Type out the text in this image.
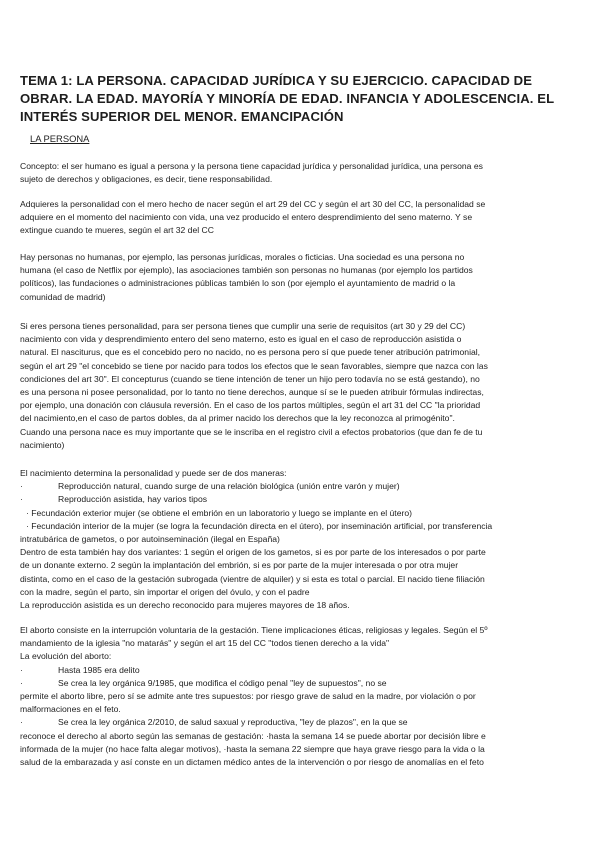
TEMA 1: LA PERSONA. CAPACIDAD JURÍDICA Y SU EJERCICIO. CAPACIDAD DE OBRAR. LA EDAD. MAYORÍA Y MINORÍA DE EDAD. INFANCIA Y ADOLESCENCIA. EL INTERÉS SUPERIOR DEL MENOR. EMANCIPACIÓN
LA PERSONA

Concepto: el ser humano es igual a persona y la persona tiene capacidad jurídica y personalidad jurídica, una persona es
sujeto de derechos y obligaciones, es decir, tiene responsabilidad.

Adquieres la personalidad con el mero hecho de nacer según el art 29 del CC y según el art 30 del CC, la personalidad se
adquiere en el momento del nacimiento con vida, una vez producido el entero desprendimiento del seno materno. Y se
extingue cuando te mueres, según el art 32 del CC

Hay personas no humanas, por ejemplo, las personas jurídicas, morales o ficticias. Una sociedad es una persona no
humana (el caso de Netflix por ejemplo), las asociaciones también son personas no humanas (por ejemplo los partidos
políticos), las fundaciones o administraciones públicas también lo son (por ejemplo el ayuntamiento de madrid o la
comunidad de madrid)

Si eres persona tienes personalidad, para ser persona tienes que cumplir una serie de requisitos (art 30 y 29 del CC)
nacimiento con vida y desprendimiento entero del seno materno, esto es igual en el caso de reproducción asistida o
natural. El nasciturus, que es el concebido pero no nacido, no es persona pero sí que puede tener atribución patrimonial,
según el art 29 "el concebido se tiene por nacido para todos los efectos que le sean favorables, siempre que nazca con las
condiciones del art 30". El concepturus (cuando se tiene intención de tener un hijo pero todavía no se está gestando), no
es una persona ni posee personalidad, por lo tanto no tiene derechos, aunque sí se le pueden atribuir fórmulas indirectas,
por ejemplo, una donación con cláusula reversión. En el caso de los partos múltiples, según el art 31 del CC "la prioridad
del nacimiento,en el caso de partos dobles, da al primer nacido los derechos que la ley reconozca al primogénito".
Cuando una persona nace es muy importante que se le inscriba en el registro civil a efectos probatorios (que dan fe de tu
nacimiento)

El nacimiento determina la personalidad y puede ser de dos maneras:
·	Reproducción natural, cuando surge de una relación biológica (unión entre varón y mujer)
·	Reproducción asistida, hay varios tipos
· Fecundación exterior mujer (se obtiene el embrión en un laboratorio y luego se implante en el útero)
· Fecundación interior de la mujer (se logra la fecundación directa en el útero), por inseminación artificial, por transferencia
intratubárica de gametos, o por autoinseminación (ilegal en España)
Dentro de esta también hay dos variantes: 1 según el origen de los gametos, si es por parte de los interesados o por parte
de un donante externo. 2 según la implantación del embrión, si es por parte de la mujer interesada o por otra mujer
distinta, como en el caso de la gestación subrogada (vientre de alquiler) y si esta es total o parcial. El nacido tiene filiación
con la madre, según el parto, sin importar el origen del óvulo, y con el padre
La reproducción asistida es un derecho reconocido para mujeres mayores de 18 años.
El aborto consiste en la interrupción voluntaria de la gestación. Tiene implicaciones éticas, religiosas y legales. Según el 5º
mandamiento de la iglesia "no matarás" y según el art 15 del CC "todos tienen derecho a la vida"
La evolución del aborto:
·	Hasta 1985 era delito
·	Se crea la ley orgánica 9/1985, que modifica el código penal "ley de supuestos", no se
permite el aborto libre, pero sí se admite ante tres supuestos: por riesgo grave de salud en la madre, por violación o por
malformaciones en el feto.
·	Se crea la ley orgánica 2/2010, de salud saxual y reproductiva, "ley de plazos", en la que se
reconoce el derecho al aborto según las semanas de gestación: ·hasta la semana 14 se puede abortar por decisión libre e
informada de la mujer (no hace falta alegar motivos), ·hasta la semana 22 siempre que haya grave riesgo para la vida o la
salud de la embarazada y así conste en un dictamen médico antes de la intervención o por riesgo de anomalías en el feto
